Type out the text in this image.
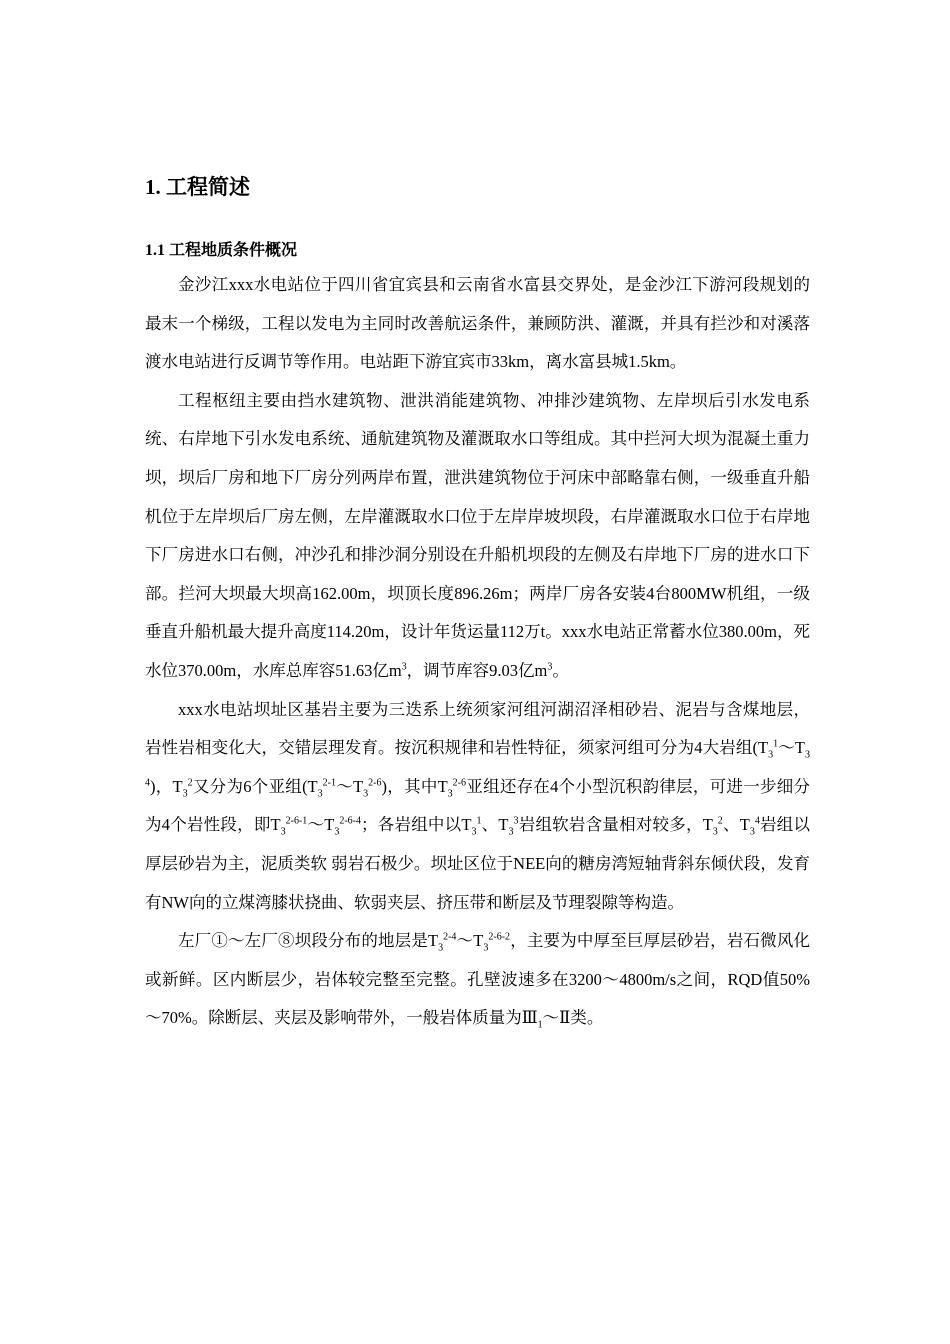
1. 工程简述
1.1 工程地质条件概况

金沙江xxx水电站位于四川省宜宾县和云南省水富县交界处，是金沙江下游河段规划的最末一个梯级，工程以发电为主同时改善航运条件，兼顾防洪、灌溉，并具有拦沙和对溪落渡水电站进行反调节等作用。电站距下游宜宾市33km，离水富县城1.5km。

工程枢纽主要由挡水建筑物、泄洪消能建筑物、冲排沙建筑物、左岸坝后引水发电系统、右岸地下引水发电系统、通航建筑物及灌溉取水口等组成。其中拦河大坝为混凝土重力坝，坝后厂房和地下厂房分列两岸布置，泄洪建筑物位于河床中部略靠右侧，一级垂直升船机位于左岸坝后厂房左侧，左岸灌溉取水口位于左岸岸坡坝段，右岸灌溉取水口位于右岸地下厂房进水口右侧，冲沙孔和排沙洞分别设在升船机坝段的左侧及右岸地下厂房的进水口下部。拦河大坝最大坝高162.00m，坝顶长度896.26m；两岸厂房各安装4台800MW机组，一级垂直升船机最大提升高度114.20m，设计年货运量112万t。xxx水电站正常蓄水位380.00m，死水位370.00m，水库总库容51.63亿$m^3$，调节库容9.03亿$m^3$。

xxx水电站坝址区基岩主要为三迭系上统须家河组河湖沼泽相砂岩、泥岩与含煤地层，岩性岩相变化大，交错层理发育。按沉积规律和岩性特征，须家河组可分为4大岩组$(T_3^1\sim T_3^4)$，$T_3^2$又分为6个亚组$(T_3^{2-1}\sim T_3^{2-6})$，其中$T_3^{2-6}$亚组还存在4个小型沉积韵律层，可进一步细分为4个岩性段，即$T_3^{2-6-1}\sim T_3^{2-6-4}$；各岩组中以$T_3^1$、$T_3^3$岩组软岩含量相对较多，$T_3^2$、$T_3^4$岩组以厚层砂岩为主，泥质类软 弱岩石极少。坝址区位于NEE向的糖房湾短轴背斜东倾伏段，发育有NW向的立煤湾膝状挠曲、软弱夹层、挤压带和断层及节理裂隙等构造。

左厂①～左厂⑧坝段分布的地层是$T_3^{2-4}\sim T_3^{2-6-2}$，主要为中厚至巨厚层砂岩，岩石微风化或新鲜。区内断层少，岩体较完整至完整。孔壁波速多在3200～4800m/s之间，RQD值50%～70%。除断层、夹层及影响带外，一般岩体质量为$Ⅲ_1\sim Ⅱ$类。
